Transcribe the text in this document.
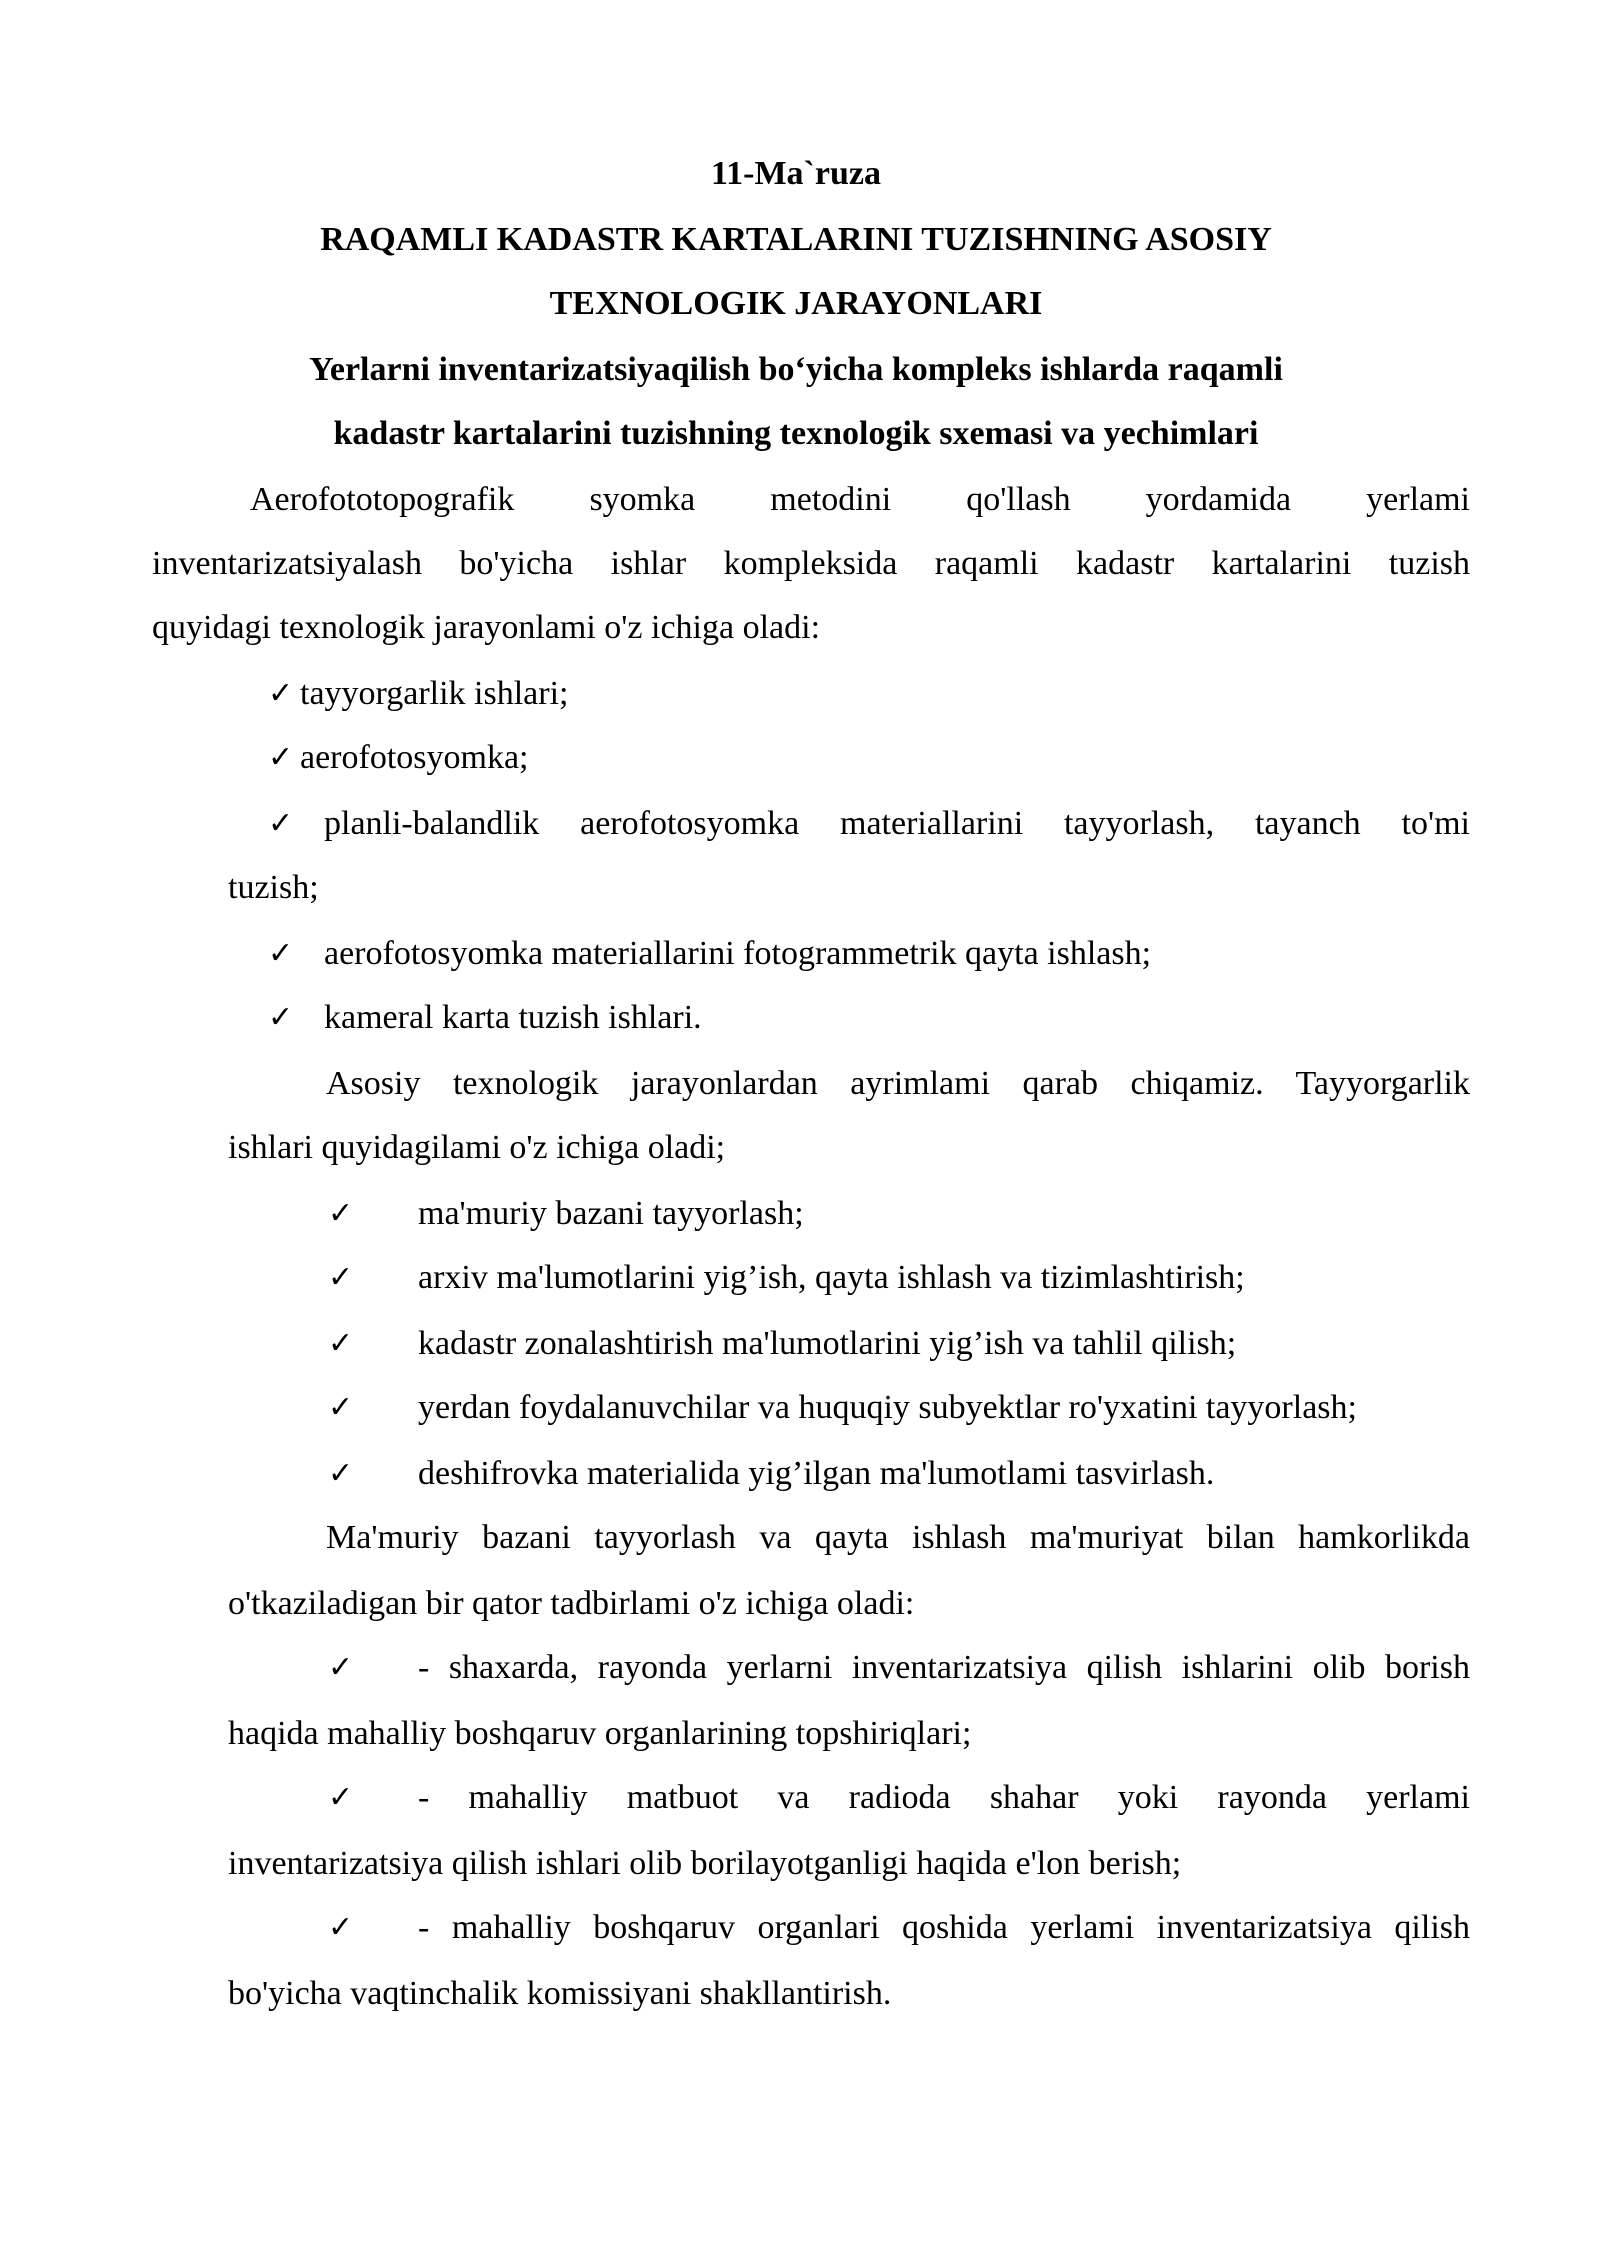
11-Ma`ruza
RAQAMLI KADASTR KARTALARINI TUZISHNING ASOSIY
TEXNOLOGIK JARAYONLARI
Yerlarni inventarizatsiyaqilish bo‘yicha kompleks ishlarda raqamli
kadastr kartalarini tuzishning texnologik sxemasi va yechimlari
Aerofototopografik syomka metodini qo'llash yordamida yerlami
inventarizatsiyalash bo'yicha ishlar kompleksida raqamli kadastr kartalarini tuzish
quyidagi texnologik jarayonlami o'z ichiga oladi:
✓ tayyorgarlik ishlari;
✓ aerofotosyomka;
✓ planli-balandlik aerofotosyomka materiallarini tayyorlash, tayanch to'mi
tuzish;
✓ aerofotosyomka materiallarini fotogrammetrik qayta ishlash;
✓ kameral karta tuzish ishlari.
Asosiy texnologik jarayonlardan ayrimlami qarab chiqamiz. Tayyorgarlik
ishlari quyidagilami o'z ichiga oladi;
✓ ma'muriy bazani tayyorlash;
✓ arxiv ma'lumotlarini yig’ish, qayta ishlash va tizimlashtirish;
✓ kadastr zonalashtirish ma'lumotlarini yig’ish va tahlil qilish;
✓ yerdan foydalanuvchilar va huquqiy subyektlar ro'yxatini tayyorlash;
✓ deshifrovka materialida yig’ilgan ma'lumotlami tasvirlash.
Ma'muriy bazani tayyorlash va qayta ishlash ma'muriyat bilan hamkorlikda
o'tkaziladigan bir qator tadbirlami o'z ichiga oladi:
✓ - shaxarda, rayonda yerlarni inventarizatsiya qilish ishlarini olib borish
haqida mahalliy boshqaruv organlarining topshiriqlari;
✓ - mahalliy matbuot va radioda shahar yoki rayonda yerlami
inventarizatsiya qilish ishlari olib borilayotganligi haqida e'lon berish;
✓ - mahalliy boshqaruv organlari qoshida yerlami inventarizatsiya qilish
bo'yicha vaqtinchalik komissiyani shakllantirish.
